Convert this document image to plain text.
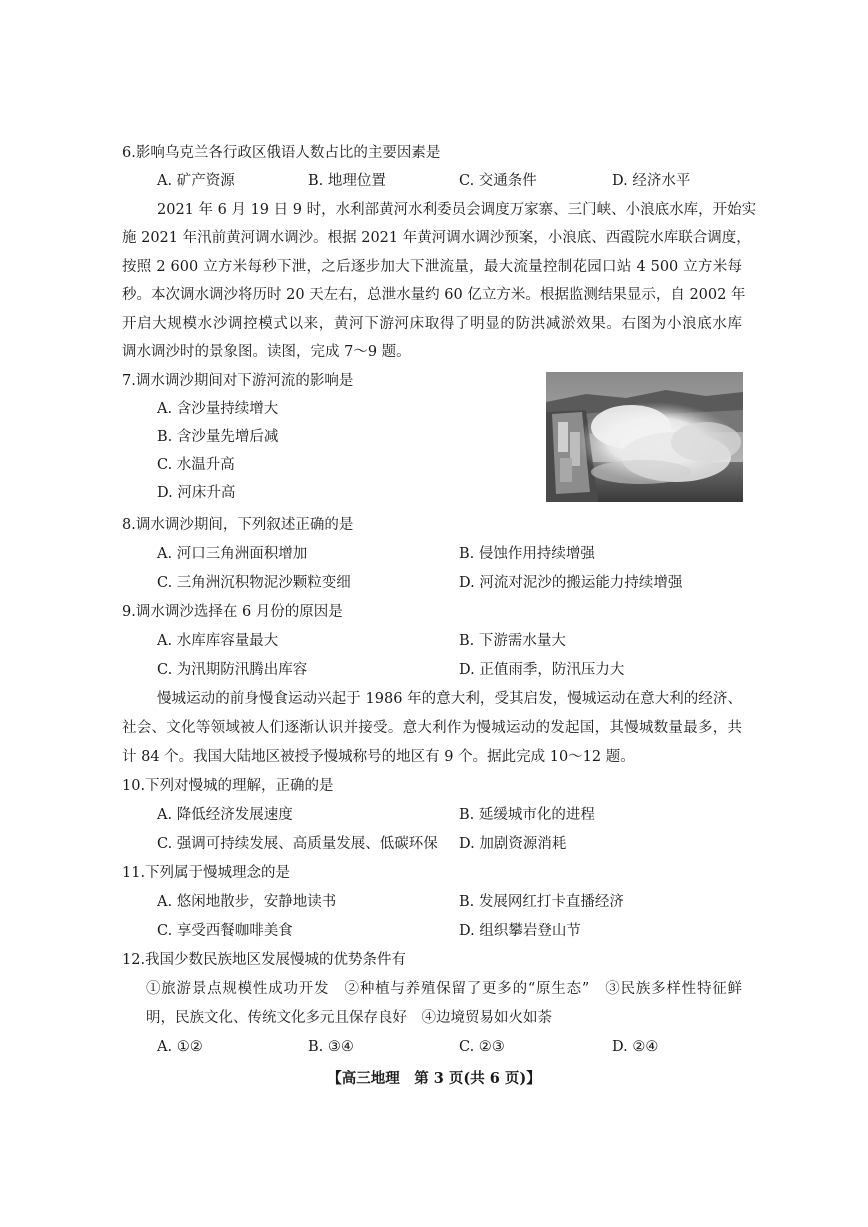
6.影响乌克兰各行政区俄语人数占比的主要因素是
A. 矿产资源	B. 地理位置	C. 交通条件	D. 经济水平
2021 年 6 月 19 日 9 时，水利部黄河水利委员会调度万家寨、三门峡、小浪底水库，开始实
施 2021 年汛前黄河调水调沙。根据 2021 年黄河调水调沙预案，小浪底、西霞院水库联合调度，
按照 2 600 立方米每秒下泄，之后逐步加大下泄流量，最大流量控制花园口站 4 500 立方米每
秒。本次调水调沙将历时 20 天左右，总泄水量约 60 亿立方米。根据监测结果显示，自 2002 年
开启大规模水沙调控模式以来，黄河下游河床取得了明显的防洪减淤效果。右图为小浪底水库
调水调沙时的景象图。读图，完成 7～9 题。
7.调水调沙期间对下游河流的影响是
A. 含沙量持续增大
B. 含沙量先增后减
C. 水温升高
D. 河床升高
8.调水调沙期间，下列叙述正确的是
A. 河口三角洲面积增加	B. 侵蚀作用持续增强
C. 三角洲沉积物泥沙颗粒变细	D. 河流对泥沙的搬运能力持续增强
9.调水调沙选择在 6 月份的原因是
A. 水库库容量最大	B. 下游需水量大
C. 为汛期防汛腾出库容	D. 正值雨季，防汛压力大
慢城运动的前身慢食运动兴起于 1986 年的意大利，受其启发，慢城运动在意大利的经济、
社会、文化等领域被人们逐渐认识并接受。意大利作为慢城运动的发起国，其慢城数量最多，共
计 84 个。我国大陆地区被授予慢城称号的地区有 9 个。据此完成 10～12 题。
10.下列对慢城的理解，正确的是
A. 降低经济发展速度	B. 延缓城市化的进程
C. 强调可持续发展、高质量发展、低碳环保 D. 加剧资源消耗
11.下列属于慢城理念的是
A. 悠闲地散步，安静地读书	B. 发展网红打卡直播经济
C. 享受西餐咖啡美食	D. 组织攀岩登山节
12.我国少数民族地区发展慢城的优势条件有
①旅游景点规模性成功开发　②种植与养殖保留了更多的“原生态”　③民族多样性特征鲜
明，民族文化、传统文化多元且保存良好　④边境贸易如火如荼
A. ①②	B. ③④	C. ②③	D. ②④
【高三地理　第 3 页(共 6 页)】
